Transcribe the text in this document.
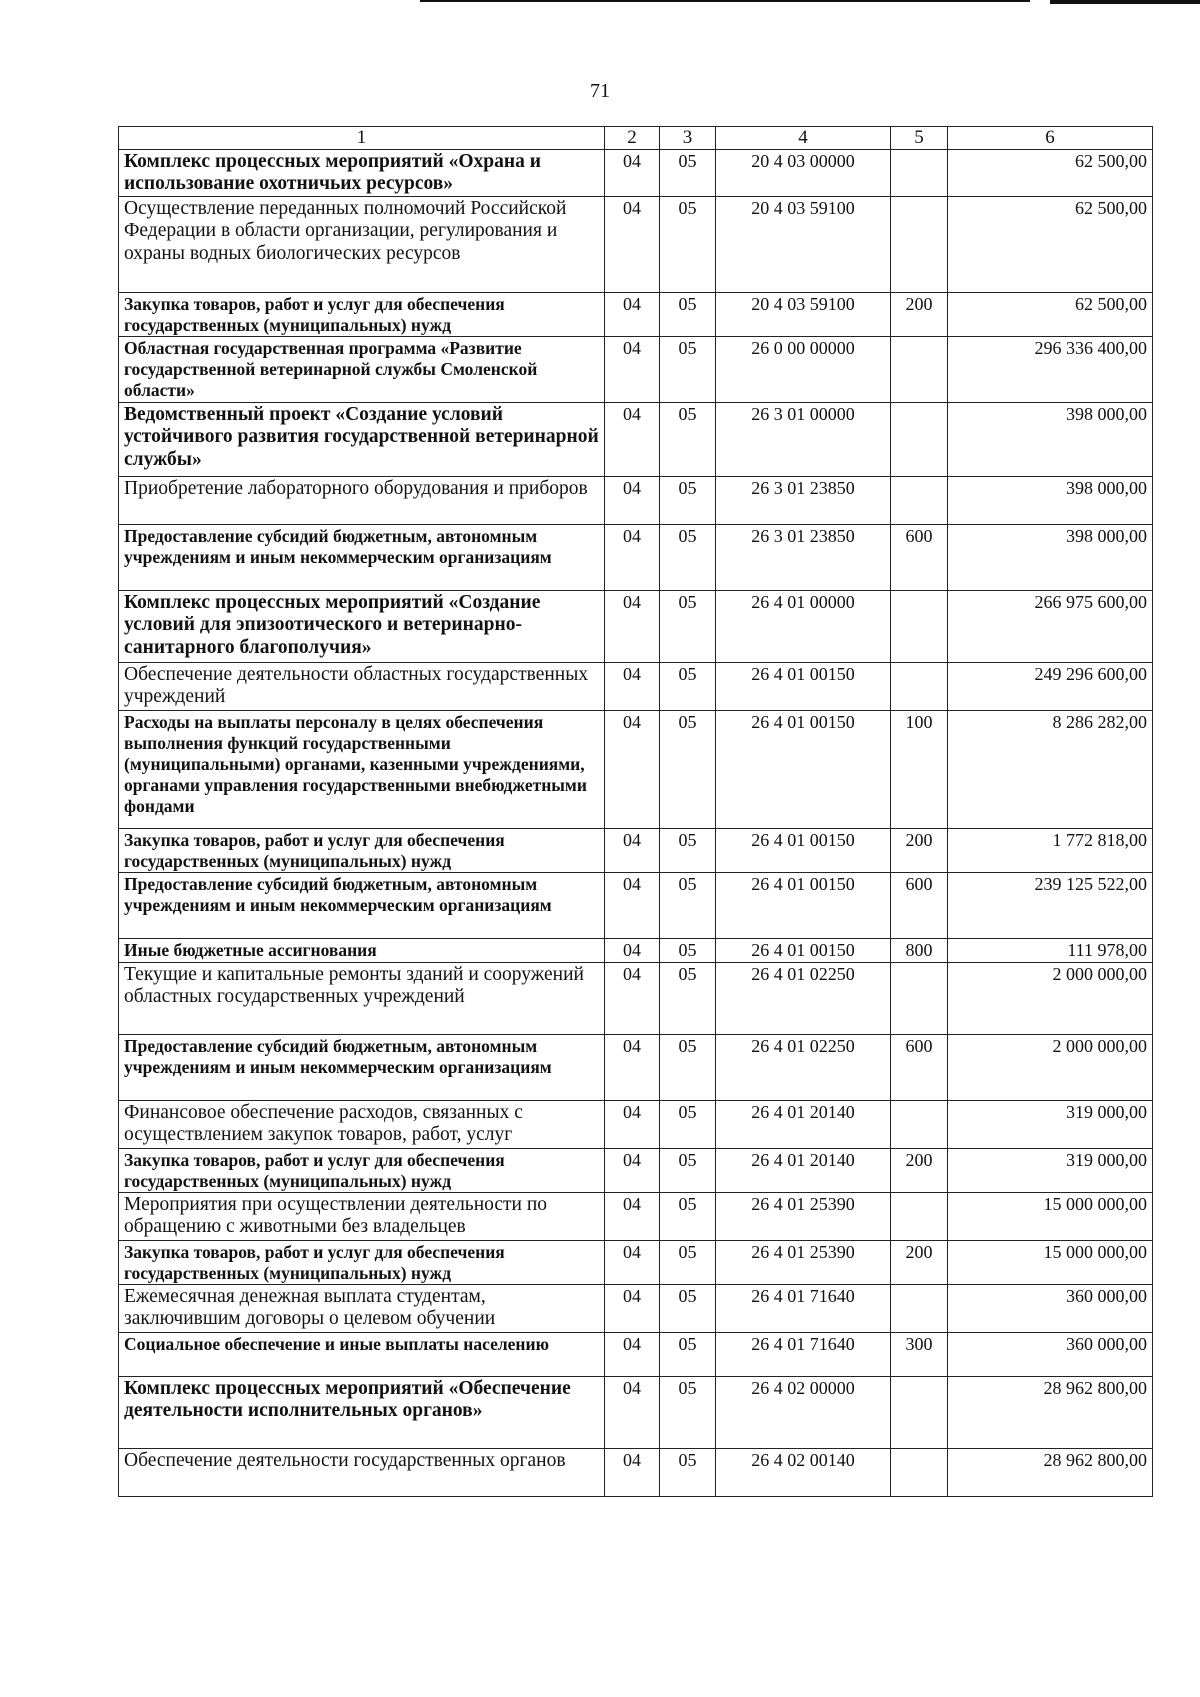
71
1	2	3	4	5	6
Комплекс процессных мероприятий «Охрана и использование охотничьих ресурсов»	04	05	20 4 03 00000		62 500,00
Осуществление переданных полномочий Российской Федерации в области организации, регулирования и охраны водных биологических ресурсов	04	05	20 4 03 59100		62 500,00
Закупка товаров, работ и услуг для обеспечения государственных (муниципальных) нужд	04	05	20 4 03 59100	200	62 500,00
Областная государственная программа «Развитие государственной ветеринарной службы Смоленской области»	04	05	26 0 00 00000		296 336 400,00
Ведомственный проект «Создание условий устойчивого развития государственной ветеринарной службы»	04	05	26 3 01 00000		398 000,00
Приобретение лабораторного оборудования и приборов	04	05	26 3 01 23850		398 000,00
Предоставление субсидий бюджетным, автономным учреждениям и иным некоммерческим организациям	04	05	26 3 01 23850	600	398 000,00
Комплекс процессных мероприятий «Создание условий для эпизоотического и ветеринарно-санитарного благополучия»	04	05	26 4 01 00000		266 975 600,00
Обеспечение деятельности областных государственных учреждений	04	05	26 4 01 00150		249 296 600,00
Расходы на выплаты персоналу в целях обеспечения выполнения функций государственными (муниципальными) органами, казенными учреждениями, органами управления государственными внебюджетными фондами	04	05	26 4 01 00150	100	8 286 282,00
Закупка товаров, работ и услуг для обеспечения государственных (муниципальных) нужд	04	05	26 4 01 00150	200	1 772 818,00
Предоставление субсидий бюджетным, автономным учреждениям и иным некоммерческим организациям	04	05	26 4 01 00150	600	239 125 522,00
Иные бюджетные ассигнования	04	05	26 4 01 00150	800	111 978,00
Текущие и капитальные ремонты зданий и сооружений областных государственных учреждений	04	05	26 4 01 02250		2 000 000,00
Предоставление субсидий бюджетным, автономным учреждениям и иным некоммерческим организациям	04	05	26 4 01 02250	600	2 000 000,00
Финансовое обеспечение расходов, связанных с осуществлением закупок товаров, работ, услуг	04	05	26 4 01 20140		319 000,00
Закупка товаров, работ и услуг для обеспечения государственных (муниципальных) нужд	04	05	26 4 01 20140	200	319 000,00
Мероприятия при осуществлении деятельности по обращению с животными без владельцев	04	05	26 4 01 25390		15 000 000,00
Закупка товаров, работ и услуг для обеспечения государственных (муниципальных) нужд	04	05	26 4 01 25390	200	15 000 000,00
Ежемесячная денежная выплата студентам, заключившим договоры о целевом обучении	04	05	26 4 01 71640		360 000,00
Социальное обеспечение и иные выплаты населению	04	05	26 4 01 71640	300	360 000,00
Комплекс процессных мероприятий «Обеспечение деятельности исполнительных органов»	04	05	26 4 02 00000		28 962 800,00
Обеспечение деятельности государственных органов	04	05	26 4 02 00140		28 962 800,00
